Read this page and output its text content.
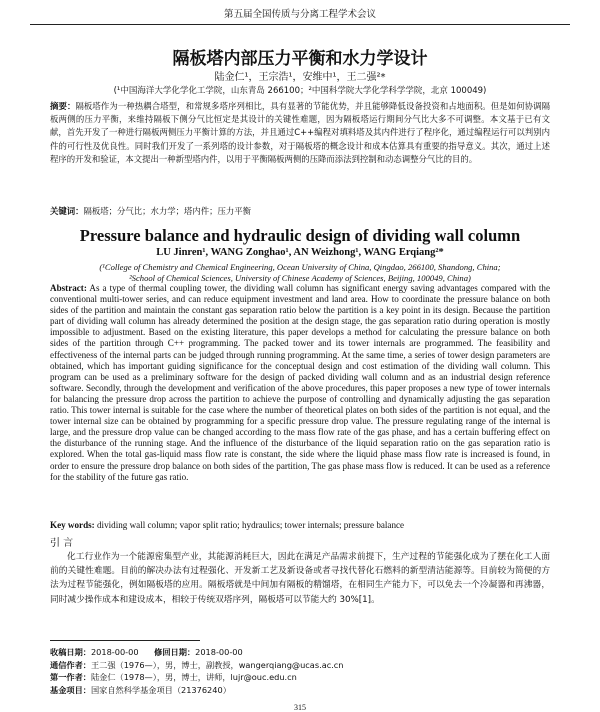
第五届全国传质与分离工程学术会议
隔板塔内部压力平衡和水力学设计
陆金仁¹，王宗浩¹，安维中¹，王二强²*
(¹中国海洋大学化学化工学院，山东青岛 266100；²中国科学院大学化学科学学院，北京 100049)
摘要：隔板塔作为一种热耦合塔型，和常规多塔序列相比，具有显著的节能优势，并且能够降低设备投资和占地面积。但是如何协调隔板两侧的压力平衡，来维持隔板下侧分气比恒定是其设计的关键性难题，因为隔板塔运行期间分气比大多不可调整。本文基于已有文献，首先开发了一种进行隔板两侧压力平衡计算的方法，并且通过C++编程对填料塔及其内件进行了程序化，通过编程运行可以判别内件的可行性及优良性。同时我们开发了一系列塔的设计参数，对于隔板塔的概念设计和成本估算具有重要的指导意义。其次，通过上述程序的开发和验证，本文提出一种新型塔内件，以用于平衡隔板两侧的压降而添法到控制和动态调整分气比的目的。
关键词：隔板塔；分气比；水力学；塔内件；压力平衡
Pressure balance and hydraulic design of dividing wall column
LU Jinren¹, WANG Zonghao¹, AN Weizhong¹, WANG Erqiang²*
(¹College of Chemistry and Chemical Engineering, Ocean University of China, Qingdao, 266100, Shandong, China;
²School of Chemical Sciences, University of Chinese Academy of Sciences, Beijing, 100049, China)
Abstract: As a type of thermal coupling tower, the dividing wall column has significant energy saving advantages compared with the conventional multi-tower series, and can reduce equipment investment and land area. How to coordinate the pressure balance on both sides of the partition and maintain the constant gas separation ratio below the partition is a key point in its design. Because the partition part of dividing wall column has already determined the position at the design stage, the gas separation ratio during operation is mostly impossible to adjustment. Based on the existing literature, this paper develops a method for calculating the pressure balance on both sides of the partition through C++ programming. The packed tower and its tower internals are programmed. The feasibility and effectiveness of the internal parts can be judged through running programming. At the same time, a series of tower design parameters are obtained, which has important guiding significance for the conceptual design and cost estimation of the dividing wall column. This program can be used as a preliminary software for the design of packed dividing wall column and as an industrial design reference software. Secondly, through the development and verification of the above procedures, this paper proposes a new type of tower internals for balancing the pressure drop across the partition to achieve the purpose of controlling and dynamically adjusting the gas separation ratio. This tower internal is suitable for the case where the number of theoretical plates on both sides of the partition is not equal, and the tower internal size can be obtained by programming for a specific pressure drop value. The pressure regulating range of the internal is large, and the pressure drop value can be changed according to the mass flow rate of the gas phase, and has a certain buffering effect on the disturbance of the running stage. And the influence of the disturbance of the liquid separation ratio on the gas separation ratio is explored. When the total gas-liquid mass flow rate is constant, the side where the liquid phase mass flow rate is increased is found, in order to ensure the pressure drop balance on both sides of the partition, The gas phase mass flow is reduced. It can be used as a reference for the stability of the future gas ratio.
Key words: dividing wall column; vapor split ratio; hydraulics; tower internals; pressure balance
引 言
化工行业作为一个能源密集型产业，其能源消耗巨大，因此在满足产品需求前提下，生产过程的节能强化成为了摆在化工人面前的关键性难题。目前的解决办法有过程强化、开发新工艺及新设备或者寻找代替化石燃料的新型清洁能源等。目前较为简便的方法为过程节能强化，例如隔板塔的应用。隔板塔就是中间加有隔板的精馏塔，在相同生产能力下，可以免去一个冷凝器和再沸器，同时减少操作成本和建设成本，相较于传统双塔序列，隔板塔可以节能大约 30%[1]。
收稿日期：2018-00-00 修回日期：2018-00-00
通信作者：王二强（1976—），男，博士，副教授，wangerqiang@ucas.ac.cn
第一作者：陆金仁（1978—），男，博士，讲师，lujr@ouc.edu.cn
基金项目：国家自然科学基金项目（21376240）
315
